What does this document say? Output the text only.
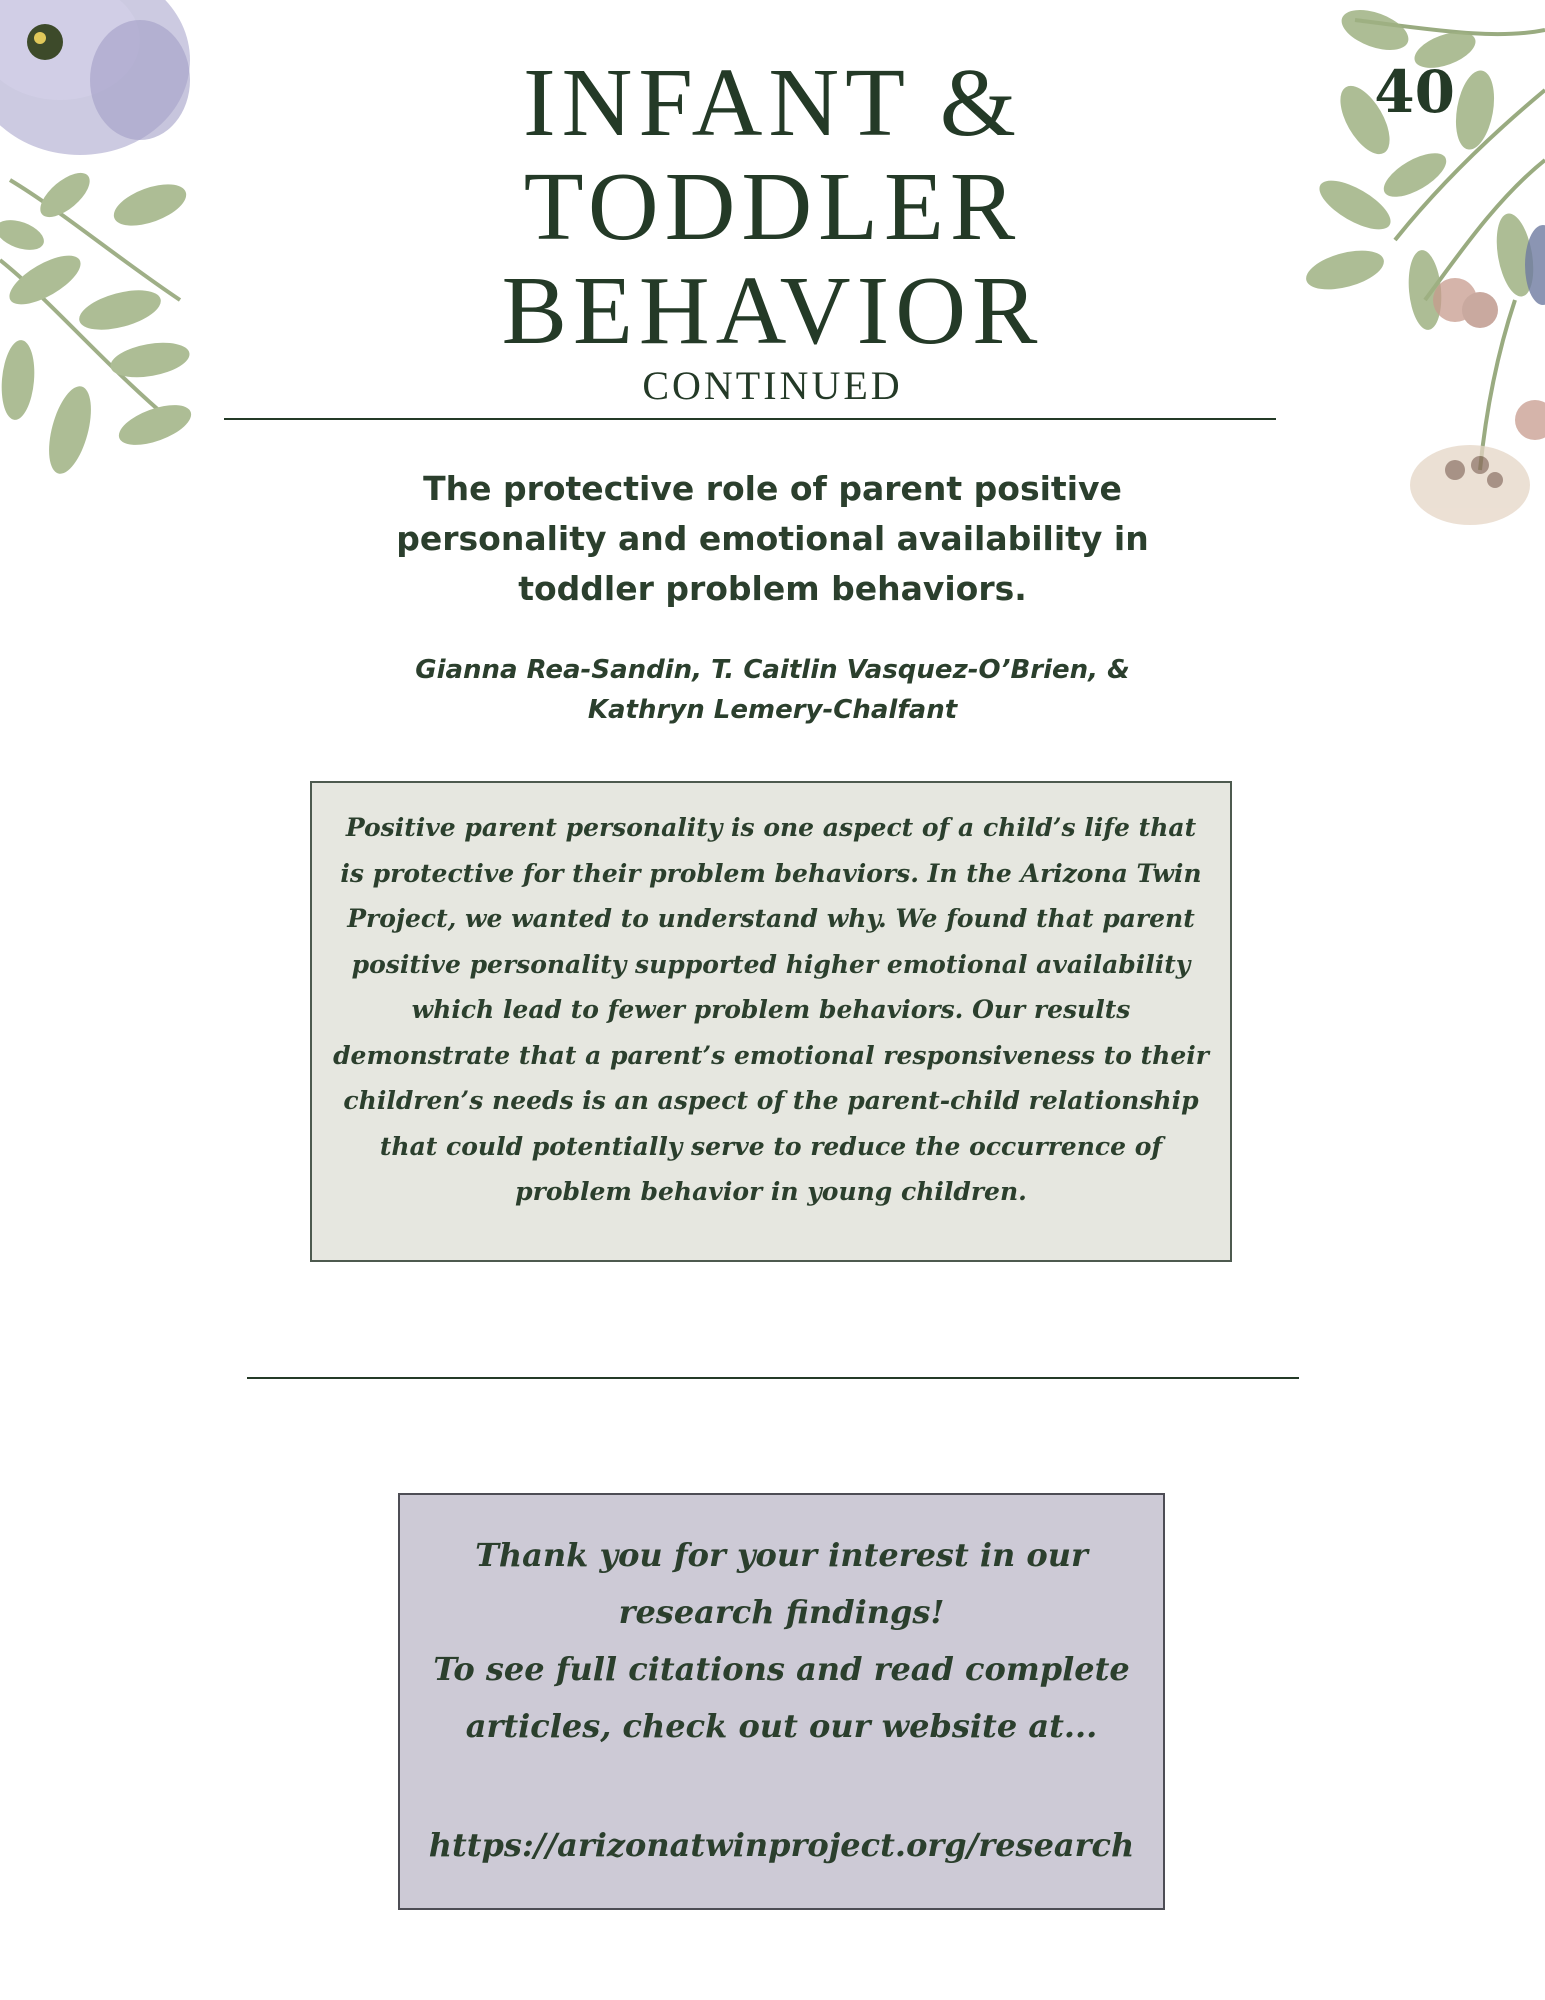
INFANT &
TODDLER
BEHAVIOR
CONTINUED
40
The protective role of parent positive personality and emotional availability in toddler problem behaviors.
Gianna Rea-Sandin, T. Caitlin Vasquez-O’Brien, &
Kathryn Lemery-Chalfant
Positive parent personality is one aspect of a child’s life that is protective for their problem behaviors. In the Arizona Twin Project, we wanted to understand why. We found that parent positive personality supported higher emotional availability which lead to fewer problem behaviors. Our results demonstrate that a parent’s emotional responsiveness to their children’s needs is an aspect of the parent-child relationship that could potentially serve to reduce the occurrence of problem behavior in young children.
Thank you for your interest in our research findings!
To see full citations and read complete articles, check out our website at...
https://arizonatwinproject.org/research
